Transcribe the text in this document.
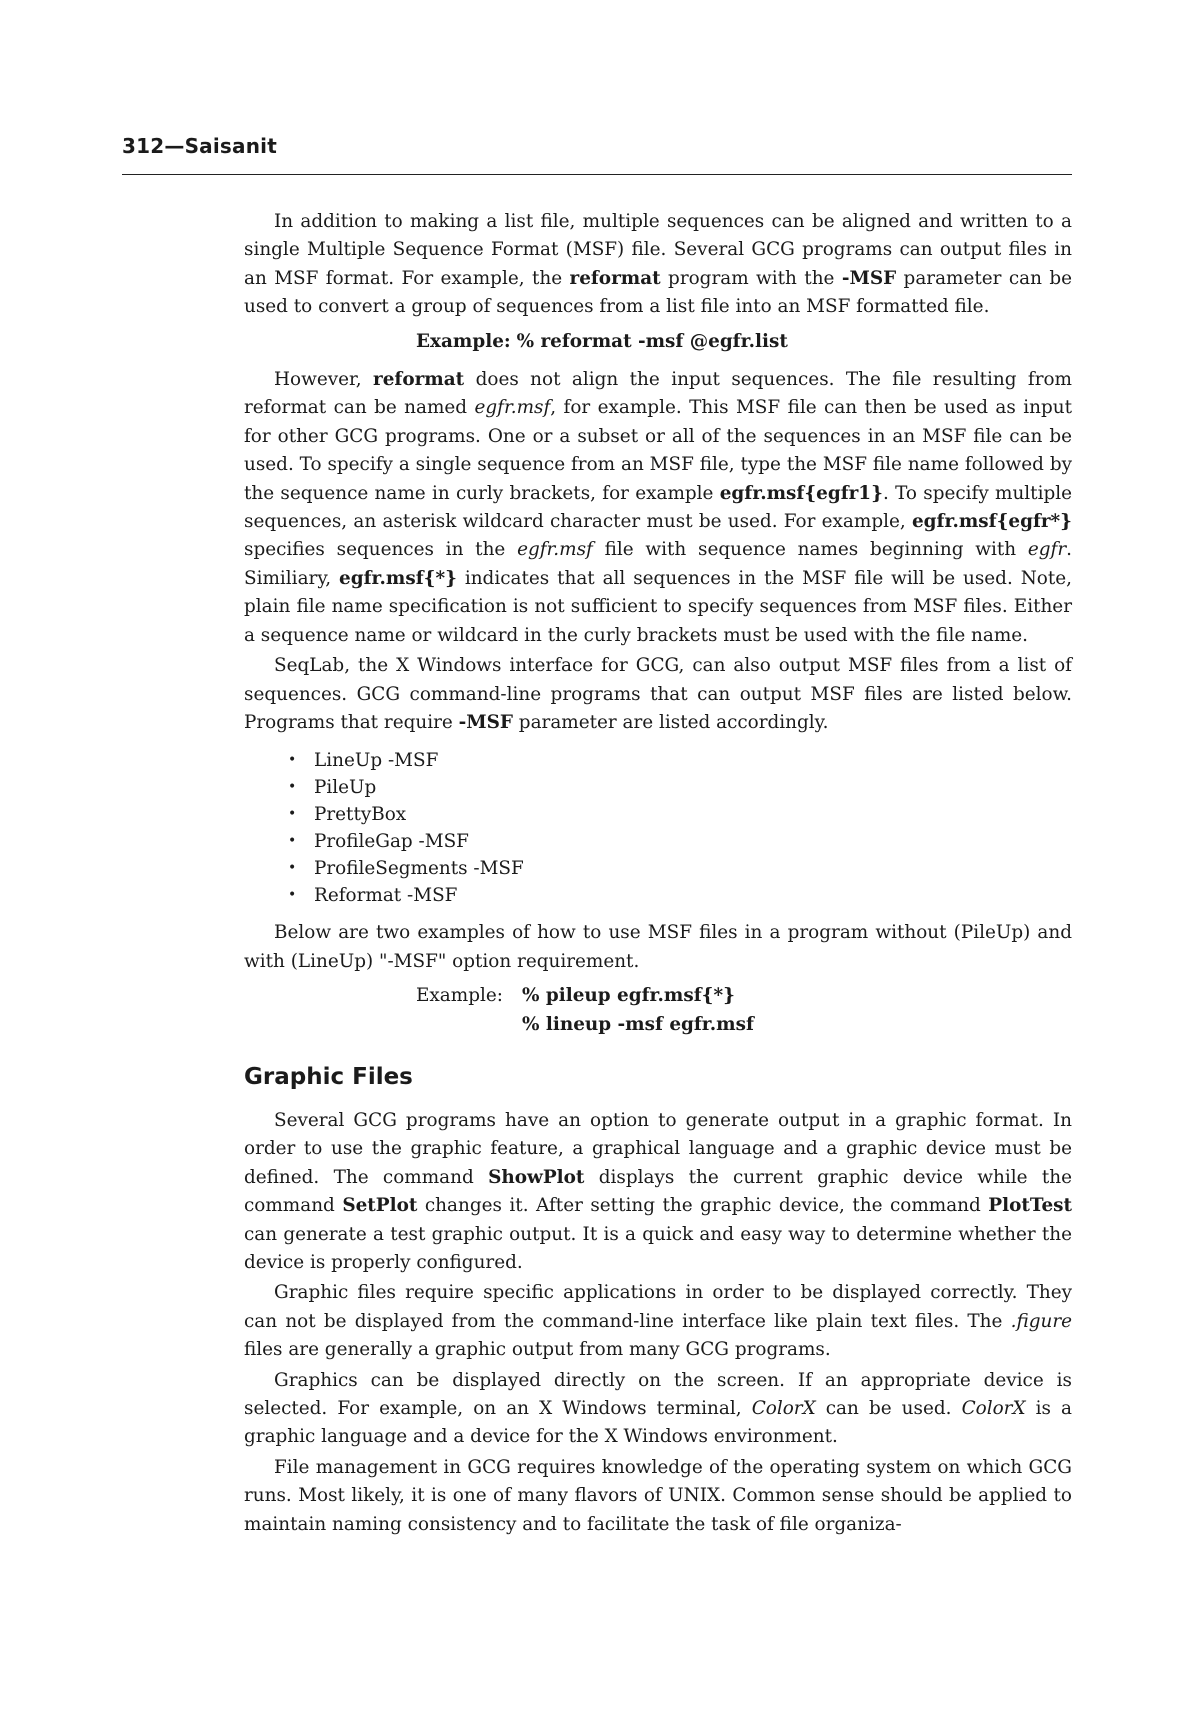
312—Saisanit

In addition to making a list file, multiple sequences can be aligned and written to a single Multiple Sequence Format (MSF) file. Several GCG programs can output files in an MSF format. For example, the reformat program with the -MSF parameter can be used to convert a group of sequences from a list file into an MSF formatted file.

Example: % reformat -msf @egfr.list

However, reformat does not align the input sequences. The file resulting from reformat can be named egfr.msf, for example. This MSF file can then be used as input for other GCG programs. One or a subset or all of the sequences in an MSF file can be used. To specify a single sequence from an MSF file, type the MSF file name followed by the sequence name in curly brackets, for example egfr.msf{egfr1}. To specify multiple sequences, an asterisk wildcard character must be used. For example, egfr.msf{egfr*} specifies sequences in the egfr.msf file with sequence names beginning with egfr. Similiary, egfr.msf{*} indicates that all sequences in the MSF file will be used. Note, plain file name specification is not sufficient to specify sequences from MSF files. Either a sequence name or wildcard in the curly brackets must be used with the file name.

SeqLab, the X Windows interface for GCG, can also output MSF files from a list of sequences. GCG command-line programs that can output MSF files are listed below. Programs that require -MSF parameter are listed accordingly.

• LineUp -MSF
• PileUp
• PrettyBox
• ProfileGap -MSF
• ProfileSegments -MSF
• Reformat -MSF

Below are two examples of how to use MSF files in a program without (PileUp) and with (LineUp) "-MSF" option requirement.

Example: % pileup egfr.msf{*}
% lineup -msf egfr.msf
Graphic Files

Several GCG programs have an option to generate output in a graphic format. In order to use the graphic feature, a graphical language and a graphic device must be defined. The command ShowPlot displays the current graphic device while the command SetPlot changes it. After setting the graphic device, the command PlotTest can generate a test graphic output. It is a quick and easy way to determine whether the device is properly configured.

Graphic files require specific applications in order to be displayed correctly. They can not be displayed from the command-line interface like plain text files. The .figure files are generally a graphic output from many GCG programs.

Graphics can be displayed directly on the screen. If an appropriate device is selected. For example, on an X Windows terminal, ColorX can be used. ColorX is a graphic language and a device for the X Windows environment.

File management in GCG requires knowledge of the operating system on which GCG runs. Most likely, it is one of many flavors of UNIX. Common sense should be applied to maintain naming consistency and to facilitate the task of file organiza-
